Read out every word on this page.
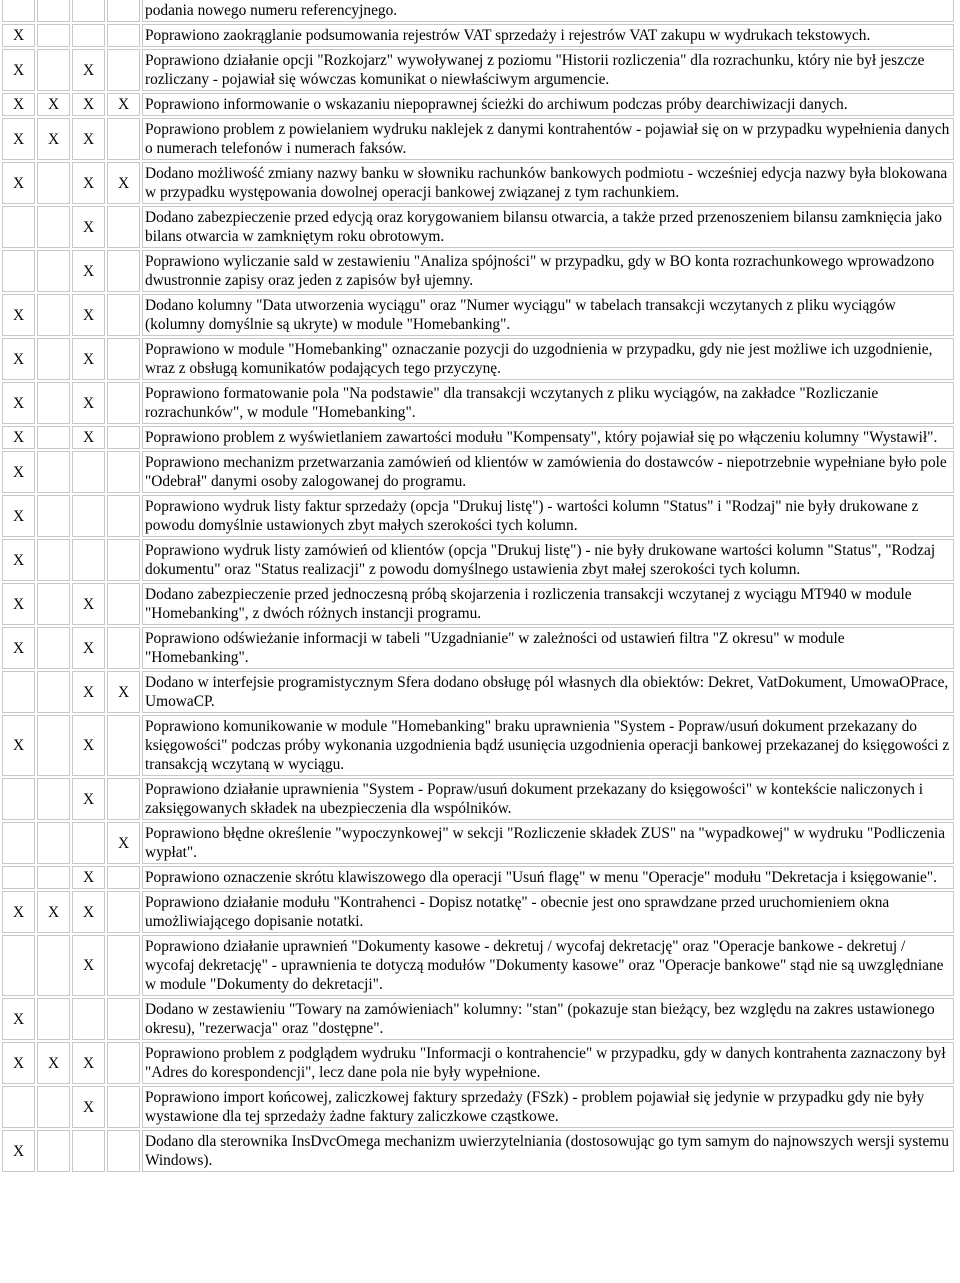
				podania nowego numeru referencyjnego.
X				Poprawiono zaokrąglanie podsumowania rejestrów VAT sprzedaży i rejestrów VAT zakupu w wydrukach tekstowych.
X		X		Poprawiono działanie opcji "Rozkojarz" wywoływanej z poziomu "Historii rozliczenia" dla rozrachunku, który nie był jeszcze rozliczany - pojawiał się wówczas komunikat o niewłaściwym argumencie.
X	X	X	X	Poprawiono informowanie o wskazaniu niepoprawnej ścieżki do archiwum podczas próby dearchiwizacji danych.
X	X	X		Poprawiono problem z powielaniem wydruku naklejek z danymi kontrahentów - pojawiał się on w przypadku wypełnienia danych o numerach telefonów i numerach faksów.
X		X	X	Dodano możliwość zmiany nazwy banku w słowniku rachunków bankowych podmiotu - wcześniej edycja nazwy była blokowana w przypadku występowania dowolnej operacji bankowej związanej z tym rachunkiem.
		X		Dodano zabezpieczenie przed edycją oraz korygowaniem bilansu otwarcia, a także przed przenoszeniem bilansu zamknięcia jako bilans otwarcia w zamkniętym roku obrotowym.
		X		Poprawiono wyliczanie sald w zestawieniu "Analiza spójności" w przypadku, gdy w BO konta rozrachunkowego wprowadzono dwustronnie zapisy oraz jeden z zapisów był ujemny.
X		X		Dodano kolumny "Data utworzenia wyciągu" oraz "Numer wyciągu" w tabelach transakcji wczytanych z pliku wyciągów (kolumny domyślnie są ukryte) w module "Homebanking".
X		X		Poprawiono w module "Homebanking" oznaczanie pozycji do uzgodnienia w przypadku, gdy nie jest możliwe ich uzgodnienie, wraz z obsługą komunikatów podających tego przyczynę.
X		X		Poprawiono formatowanie pola "Na podstawie" dla transakcji wczytanych z pliku wyciągów, na zakładce "Rozliczanie rozrachunków", w module "Homebanking".
X		X		Poprawiono problem z wyświetlaniem zawartości modułu "Kompensaty", który pojawiał się po włączeniu kolumny "Wystawił".
X				Poprawiono mechanizm przetwarzania zamówień od klientów w zamówienia do dostawców - niepotrzebnie wypełniane było pole "Odebrał" danymi osoby zalogowanej do programu.
X				Poprawiono wydruk listy faktur sprzedaży (opcja "Drukuj listę") - wartości kolumn "Status" i "Rodzaj" nie były drukowane z powodu domyślnie ustawionych zbyt małych szerokości tych kolumn.
X				Poprawiono wydruk listy zamówień od klientów (opcja "Drukuj listę") - nie były drukowane wartości kolumn "Status", "Rodzaj dokumentu" oraz "Status realizacji" z powodu domyślnego ustawienia zbyt małej szerokości tych kolumn.
X		X		Dodano zabezpieczenie przed jednoczesną próbą skojarzenia i rozliczenia transakcji wczytanej z wyciągu MT940 w module "Homebanking", z dwóch różnych instancji programu.
X		X		Poprawiono odświeżanie informacji w tabeli "Uzgadnianie" w zależności od ustawień filtra "Z okresu" w module "Homebanking".
		X	X	Dodano w interfejsie programistycznym Sfera dodano obsługę pól własnych dla obiektów: Dekret, VatDokument, UmowaOPrace, UmowaCP.
X		X		Poprawiono komunikowanie w module "Homebanking" braku uprawnienia "System - Popraw/usuń dokument przekazany do księgowości" podczas próby wykonania uzgodnienia bądź usunięcia uzgodnienia operacji bankowej przekazanej do księgowości z transakcją wczytaną w wyciągu.
		X		Poprawiono działanie uprawnienia "System - Popraw/usuń dokument przekazany do księgowości" w kontekście naliczonych i zaksięgowanych składek na ubezpieczenia dla wspólników.
			X	Poprawiono błędne określenie "wypoczynkowej" w sekcji "Rozliczenie składek ZUS" na "wypadkowej" w wydruku "Podliczenia wypłat".
		X		Poprawiono oznaczenie skrótu klawiszowego dla operacji "Usuń flagę" w menu "Operacje" modułu "Dekretacja i księgowanie".
X	X	X		Poprawiono działanie modułu "Kontrahenci - Dopisz notatkę" - obecnie jest ono sprawdzane przed uruchomieniem okna umożliwiającego dopisanie notatki.
		X		Poprawiono działanie uprawnień "Dokumenty kasowe - dekretuj / wycofaj dekretację" oraz "Operacje bankowe - dekretuj / wycofaj dekretację" - uprawnienia te dotyczą modułów "Dokumenty kasowe" oraz "Operacje bankowe" stąd nie są uwzględniane w module "Dokumenty do dekretacji".
X				Dodano w zestawieniu "Towary na zamówieniach" kolumny: "stan" (pokazuje stan bieżący, bez względu na zakres ustawionego okresu), "rezerwacja" oraz "dostępne".
X	X	X		Poprawiono problem z podglądem wydruku "Informacji o kontrahencie" w przypadku, gdy w danych kontrahenta zaznaczony był "Adres do korespondencji", lecz dane pola nie były wypełnione.
		X		Poprawiono import końcowej, zaliczkowej faktury sprzedaży (FSzk) - problem pojawiał się jedynie w przypadku gdy nie były wystawione dla tej sprzedaży żadne faktury zaliczkowe cząstkowe.
X				Dodano dla sterownika InsDvcOmega mechanizm uwierzytelniania (dostosowując go tym samym do najnowszych wersji systemu Windows).
